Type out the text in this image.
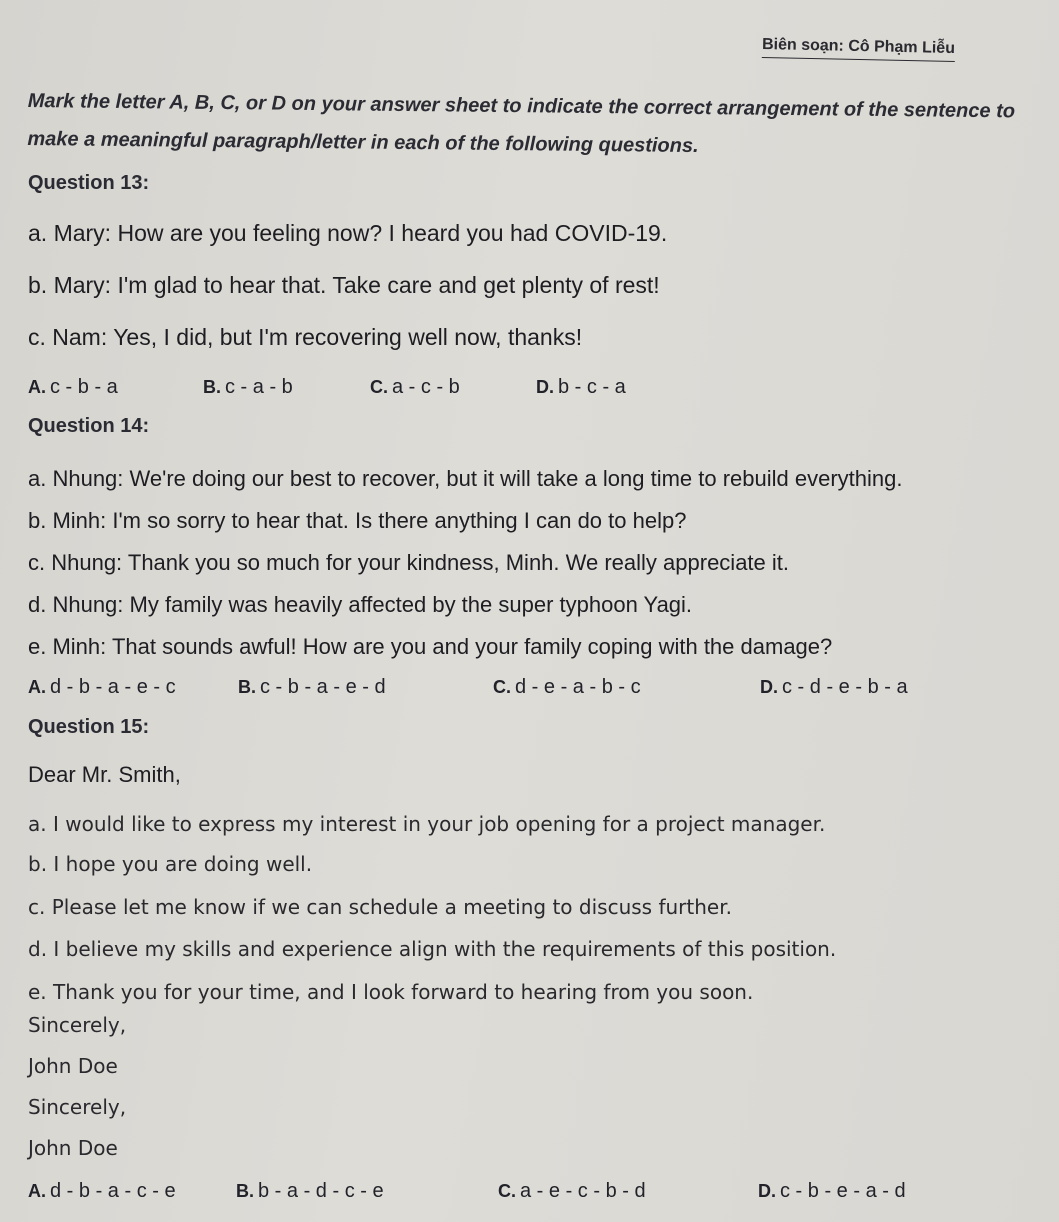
Biên soạn: Cô Phạm Liễu
Mark the letter A, B, C, or D on your answer sheet to indicate the correct arrangement of the sentence to make a meaningful paragraph/letter in each of the following questions.
Question 13:
a. Mary: How are you feeling now? I heard you had COVID-19.
b. Mary: I'm glad to hear that. Take care and get plenty of rest!
c. Nam: Yes, I did, but I'm recovering well now, thanks!
A. c - b - a	B. c - a - b	C. a - c - b	D. b - c - a
Question 14:
a. Nhung: We're doing our best to recover, but it will take a long time to rebuild everything.
b. Minh: I'm so sorry to hear that. Is there anything I can do to help?
c. Nhung: Thank you so much for your kindness, Minh. We really appreciate it.
d. Nhung: My family was heavily affected by the super typhoon Yagi.
e. Minh: That sounds awful! How are you and your family coping with the damage?
A. d - b - a - e - c	B. c - b - a - e - d	C. d - e - a - b - c	D. c - d - e - b - a
Question 15:
Dear Mr. Smith,
a. I would like to express my interest in your job opening for a project manager.
b. I hope you are doing well.
c. Please let me know if we can schedule a meeting to discuss further.
d. I believe my skills and experience align with the requirements of this position.
e. Thank you for your time, and I look forward to hearing from you soon.
Sincerely,
John Doe
Sincerely,
John Doe
A. d - b - a - c - e	B. b - a - d - c - e	C. a - e - c - b - d	D. c - b - e - a - d
